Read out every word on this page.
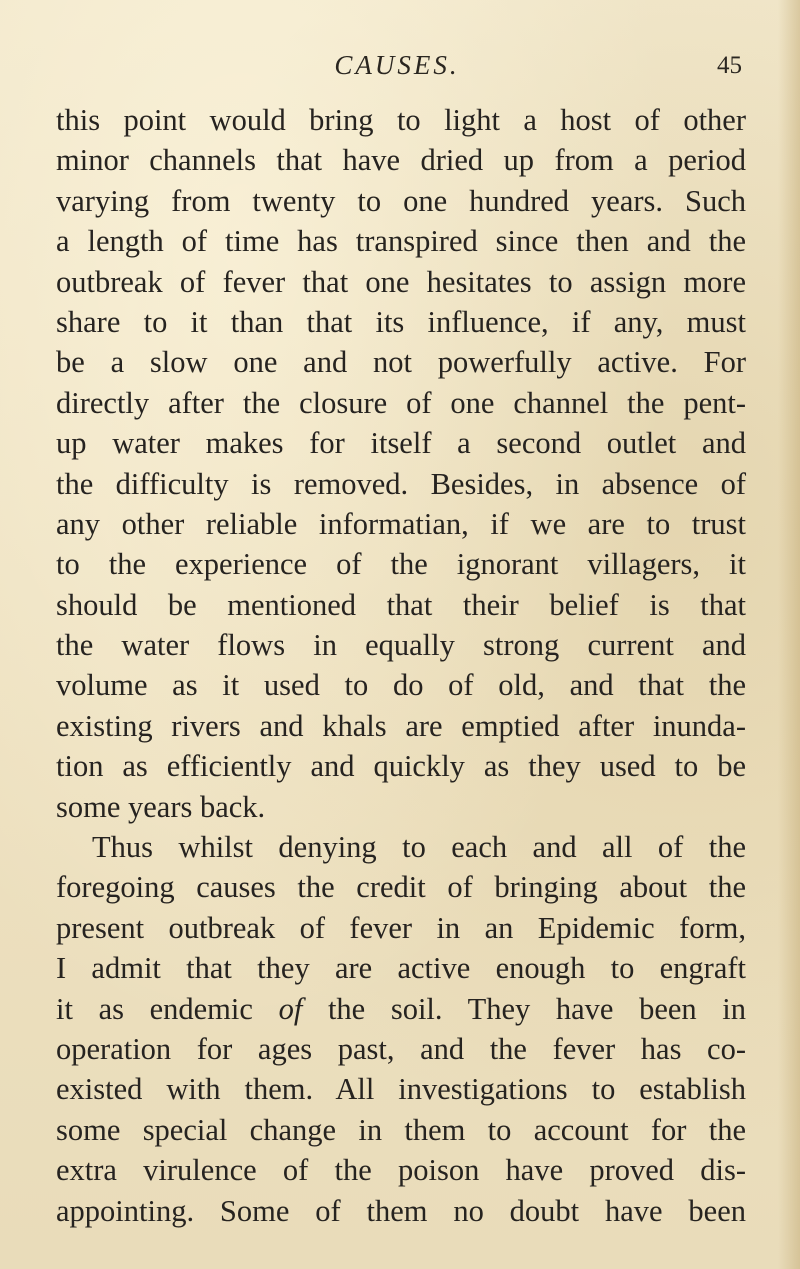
CAUSES.	45
this point would bring to light a host of other
minor channels that have dried up from a period
varying from twenty to one hundred years. Such
a length of time has transpired since then and the
outbreak of fever that one hesitates to assign more
share to it than that its influence, if any, must
be a slow one and not powerfully active. For
directly after the closure of one channel the pent-
up water makes for itself a second outlet and
the difficulty is removed. Besides, in absence of
any other reliable informatian, if we are to trust
to the experience of the ignorant villagers, it
should be mentioned that their belief is that
the water flows in equally strong current and
volume as it used to do of old, and that the
existing rivers and khals are emptied after inunda-
tion as efficiently and quickly as they used to be
some years back.
Thus whilst denying to each and all of the
foregoing causes the credit of bringing about the
present outbreak of fever in an Epidemic form,
I admit that they are active enough to engraft
it as endemic of the soil. They have been in
operation for ages past, and the fever has co-
existed with them. All investigations to establish
some special change in them to account for the
extra virulence of the poison have proved dis-
appointing. Some of them no doubt have been
